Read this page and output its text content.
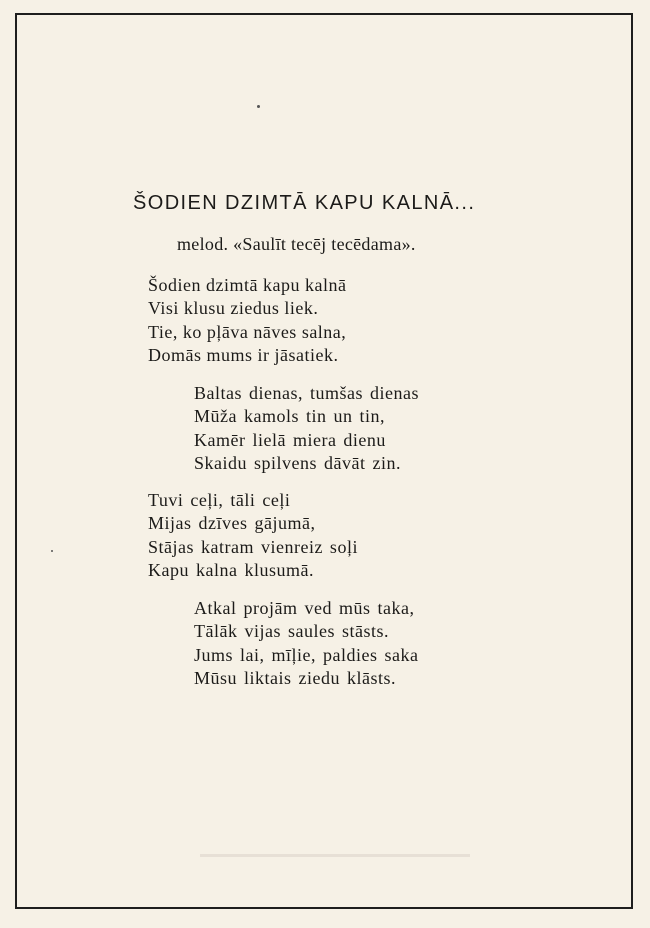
ŠODIEN DZIMTĀ KAPU KALNĀ...
melod. «Saulīt tecēj tecēdama».
Šodien dzimtā kapu kalnā
Visi klusu ziedus liek.
Tie, ko pļāva nāves salna,
Domās mums ir jāsatiek.
Baltas dienas, tumšas dienas
Mūža kamols tin un tin,
Kamēr lielā miera dienu
Skaidu spilvens dāvāt zin.
Tuvi ceļi, tāli ceļi
Mijas dzīves gājumā,
Stājas katram vienreiz soļi
Kapu kalna klusumā.
Atkal projām ved mūs taka,
Tālāk vijas saules stāsts.
Jums lai, mīļie, paldies saka
Mūsu liktais ziedu klāsts.
